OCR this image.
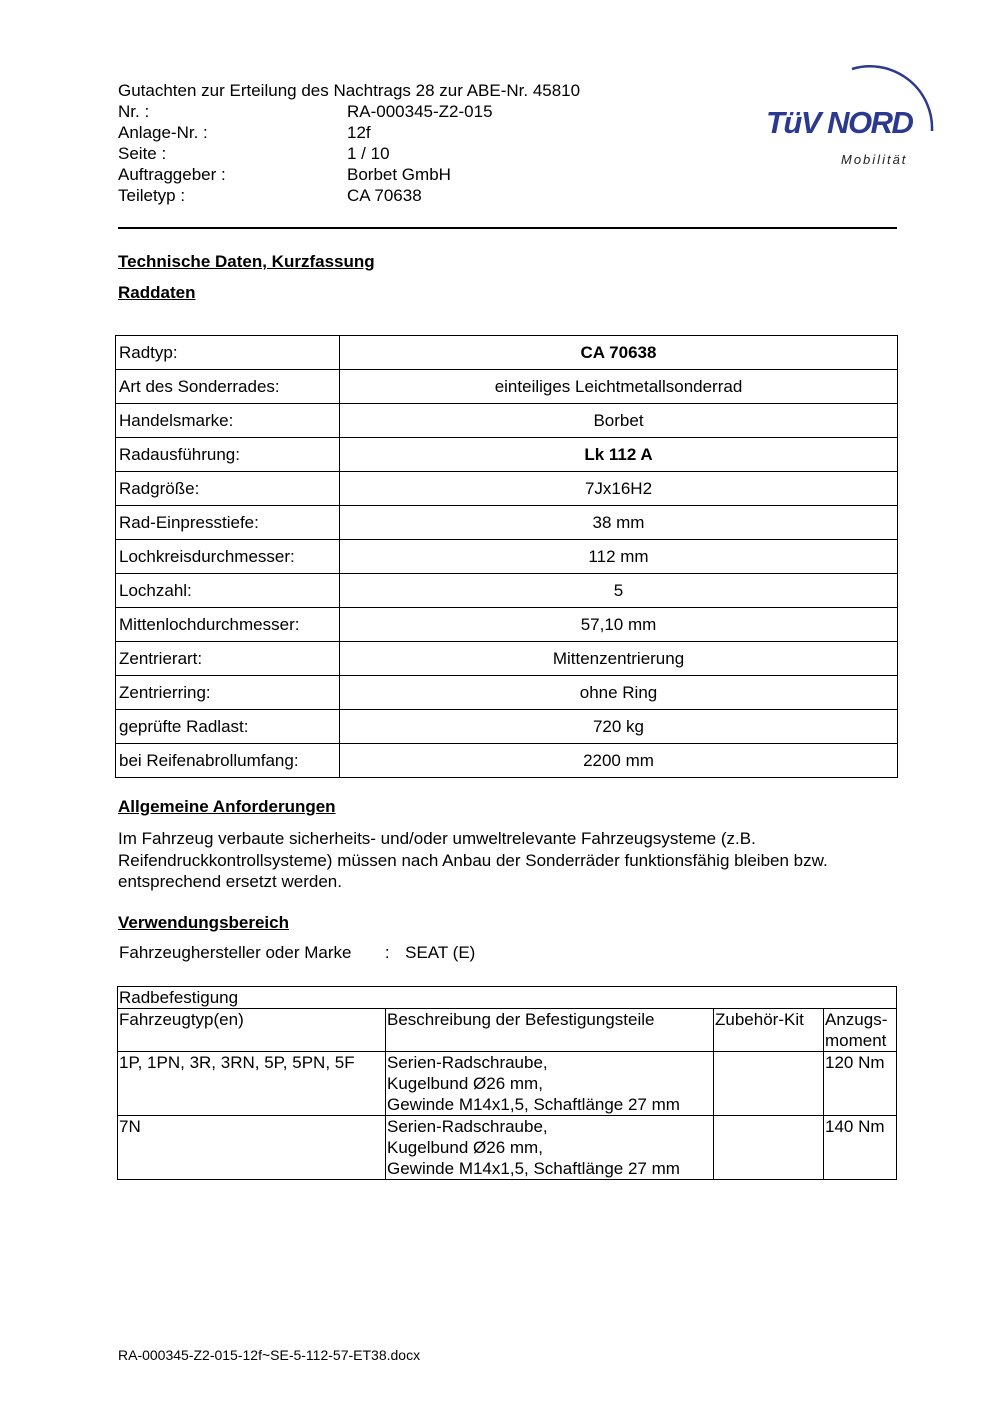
Gutachten zur Erteilung des Nachtrags 28 zur ABE-Nr. 45810
Nr. :	RA-000345-Z2-015
Anlage-Nr. :	12f
Seite :	1 / 10
Auftraggeber :	Borbet GmbH
Teiletyp :	CA 70638
TüV NORD
Mobilität
Technische Daten, Kurzfassung
Raddaten
Radtyp:	CA 70638
Art des Sonderrades:	einteiliges Leichtmetallsonderrad
Handelsmarke:	Borbet
Radausführung:	Lk 112 A
Radgröße:	7Jx16H2
Rad-Einpresstiefe:	38 mm
Lochkreisdurchmesser:	112 mm
Lochzahl:	5
Mittenlochdurchmesser:	57,10 mm
Zentrierart:	Mittenzentrierung
Zentrierring:	ohne Ring
geprüfte Radlast:	720 kg
bei Reifenabrollumfang:	2200 mm
Allgemeine Anforderungen
Im Fahrzeug verbaute sicherheits- und/oder umweltrelevante Fahrzeugsysteme (z.B. Reifendruckkontrollsysteme) müssen nach Anbau der Sonderräder funktionsfähig bleiben bzw. entsprechend ersetzt werden.
Verwendungsbereich
Fahrzeughersteller oder Marke : SEAT (E)
Radbefestigung			
Fahrzeugtyp(en)	Beschreibung der Befestigungsteile	Zubehör-Kit	Anzugs-
moment
1P, 1PN, 3R, 3RN, 5P, 5PN, 5F	Serien-Radschraube,
Kugelbund Ø26 mm,
Gewinde M14x1,5, Schaftlänge 27 mm		120 Nm
7N	Serien-Radschraube,
Kugelbund Ø26 mm,
Gewinde M14x1,5, Schaftlänge 27 mm		140 Nm
RA-000345-Z2-015-12f~SE-5-112-57-ET38.docx
